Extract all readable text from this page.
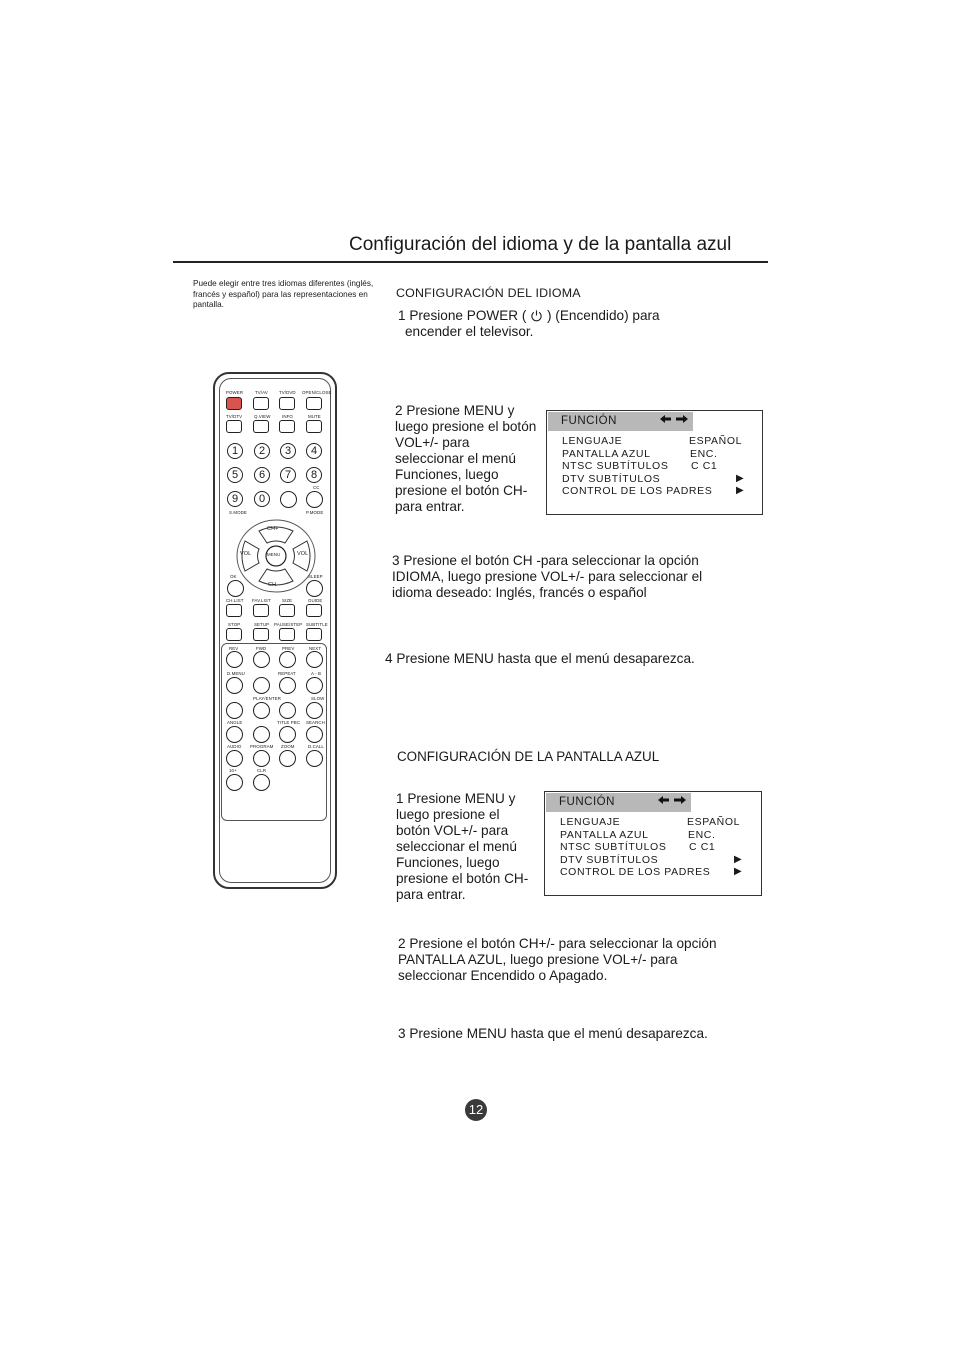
Configuración del idioma y de la pantalla azul
Puede elegir entre tres idiomas diferentes (inglés, francés y español) para las representaciones en pantalla.
CONFIGURACIÓN DEL IDIOMA
1 Presione POWER ( ) (Encendido) para
encender el televisor.
2 Presione MENU y luego presione el botón VOL+/- para seleccionar el menú Funciones, luego presione el botón CH- para entrar.
3 Presione el botón CH -para seleccionar la opción IDIOMA, luego presione VOL+/- para seleccionar el idioma deseado: Inglés, francés o español
4 Presione MENU hasta que el menú desaparezca.
FUNCIÓN
LENGUAJE	ESPAÑOL
PANTALLA AZUL	ENC.
NTSC SUBTÍTULOS C C1
DTV SUBTÍTULOS	▶
CONTROL DE LOS PADRES ▶
CONFIGURACIÓN DE LA PANTALLA AZUL
1 Presione MENU y luego presione el botón VOL+/- para seleccionar el menú Funciones, luego presione el botón CH- para entrar.
2 Presione el botón CH+/- para seleccionar la opción PANTALLA AZUL, luego presione VOL+/- para seleccionar Encendido o Apagado.
3 Presione MENU hasta que el menú desaparezca.
FUNCIÓN
LENGUAJE	ESPAÑOL
PANTALLA AZUL	ENC.
NTSC SUBTÍTULOS C C1
DTV SUBTÍTULOS	▶
CONTROL DE LOS PADRES ▶
POWER	TV/AV	TV/DVD OPEN/CLOSE
TV/DTV	Q.VIEW	INFO	MUTE
1	2	3	4
5	6	7	8
9	0
CC
S.MODE	P.MODE
CH+
CH-
VOL	VOL
MENU
OK	SLEEP
CH.LIST FAV.LIST	SIZE	GUIDE
STOP	SETUP PAUSE/STEP SUBTITLE
REV	FWD	PREV	NEXT
D.MENU	REPEAT	A - B
PLAY/ENTER	SLOW
ANGLE	TITLE PBC SEARCH
AUDIO PROGRAM ZOOM	D.CALL
10+	CLR
12
